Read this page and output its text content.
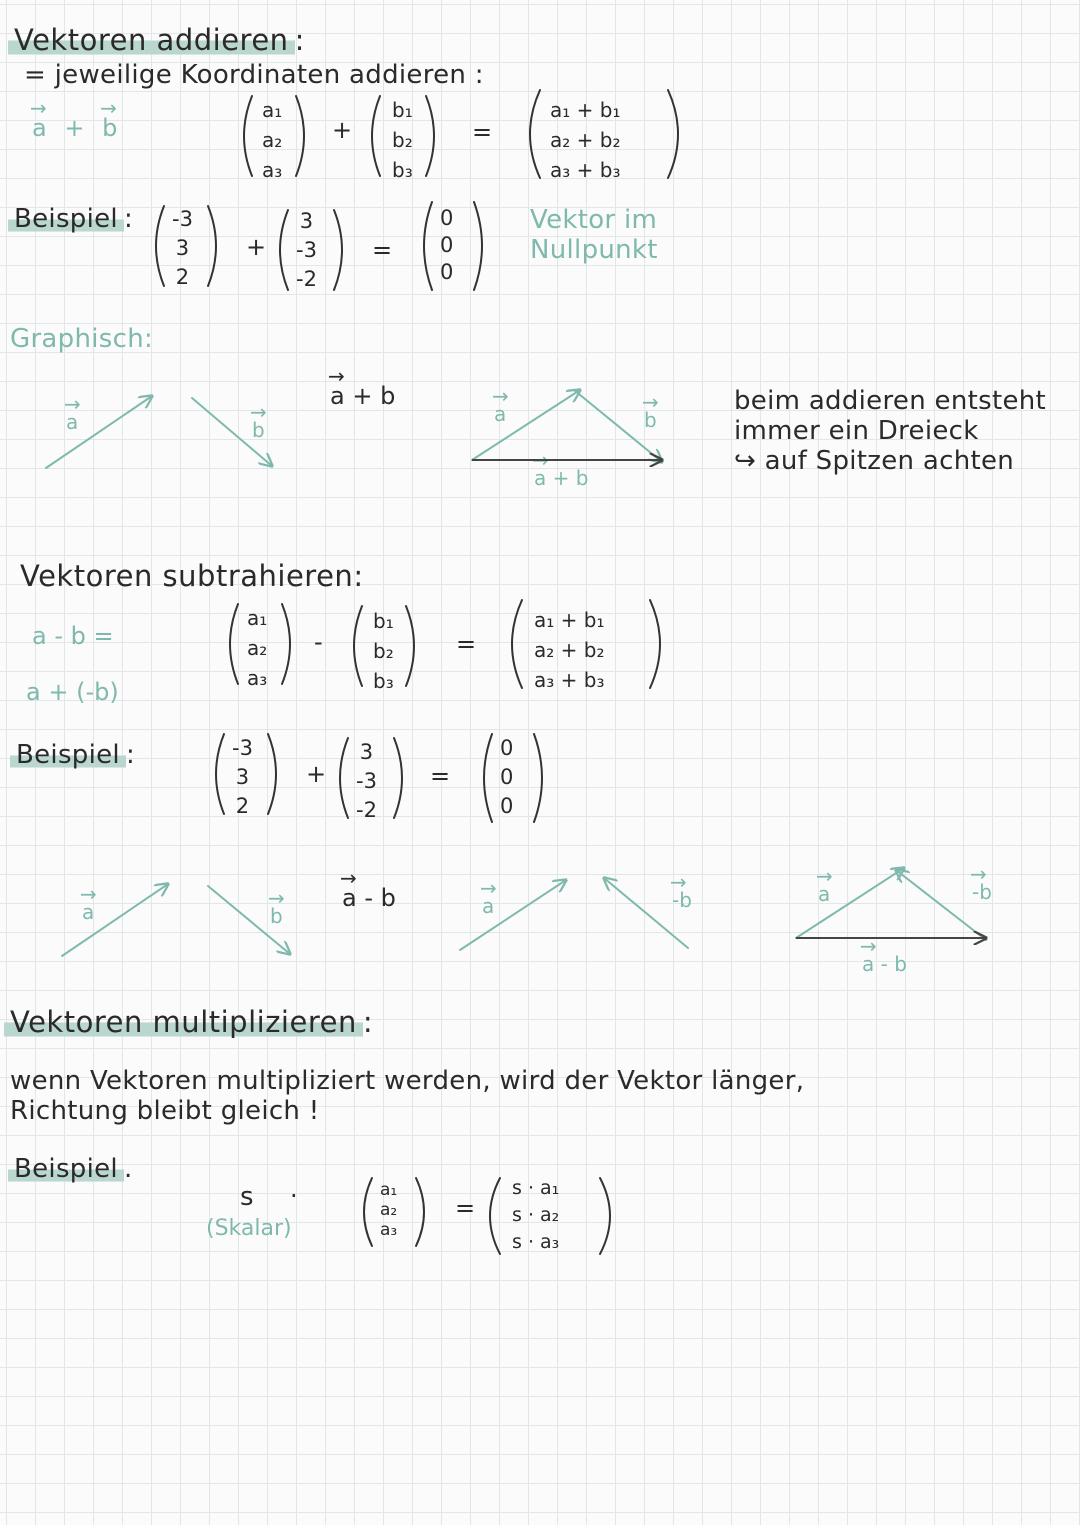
Vektoren addieren :
= jeweilige Koordinaten addieren :
→ a + → b
a₁
a₂
a₃
+
b₁
b₂
b₃
=
a₁ + b₁
a₂ + b₂
a₃ + b₃
Beispiel : -3
3
2
+
3
-3
-2
=
0
0
0
Vektor im
Nullpunkt
Graphisch:
→ a	→ b
→ a + b
→ a	→ b
→ a + b
beim addieren entsteht
immer ein Dreieck
↪ auf Spitzen achten
Vektoren subtrahieren:
a - b =
a + (-b)
a₁
a₂
a₃
-
b₁
b₂
b₃
=
a₁ + b₁
a₂ + b₂
a₃ + b₃
Beispiel :	-3
3
2
+
3
-3
-2
=
0
0
0
→ a	→ b
→ a - b	→ a	→ -b	→ a	→ -b
→ a - b
Vektoren multiplizieren :
wenn Vektoren multipliziert werden, wird der Vektor länger,
Richtung bleibt gleich !
Beispiel .
s ·
(Skalar)
a₁
a₂
a₃
=
s · a₁
s · a₂
s · a₃
